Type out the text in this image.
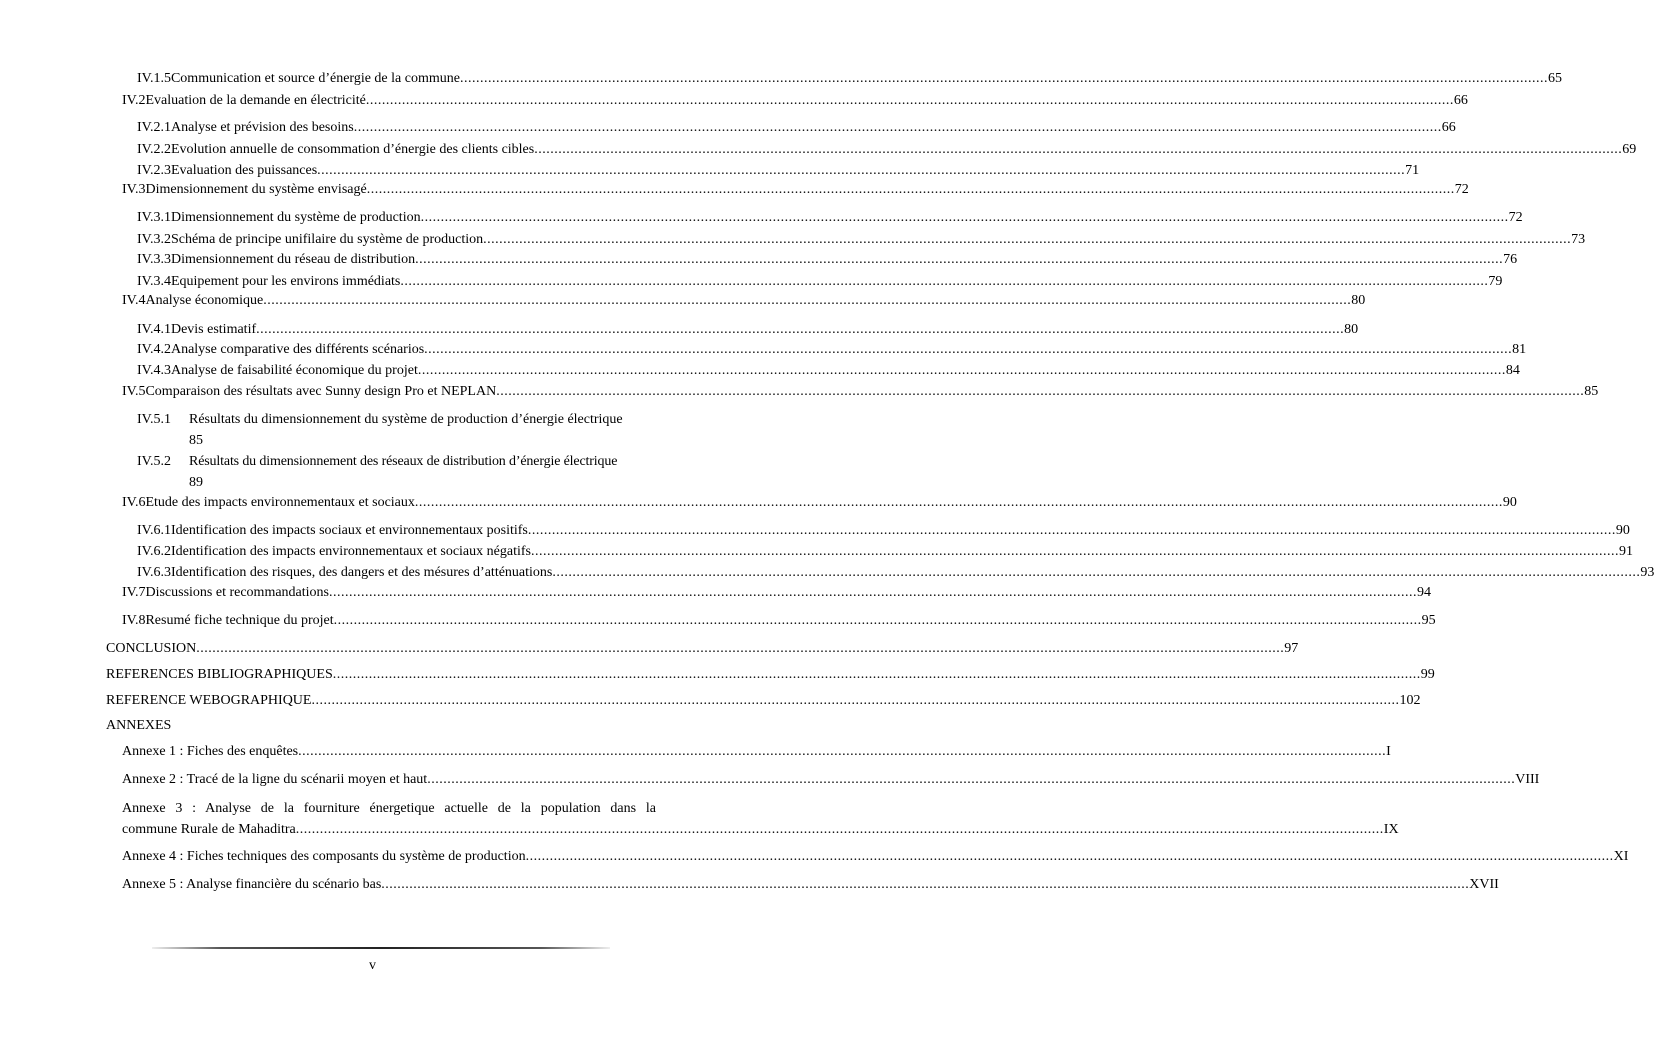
IV.1.5 Communication et source d’énergie de la commune .....	65
IV.2 Evaluation de la demande en électricité .....	66
IV.2.1 Analyse et prévision des besoins .....	66
IV.2.2 Evolution annuelle de consommation d’énergie des clients cibles .....	69
IV.2.3 Evaluation des puissances .....	71
IV.3 Dimensionnement du système envisagé .....	72
IV.3.1 Dimensionnement du système de production .....	72
IV.3.2 Schéma de principe unifilaire du système de production .....	73
IV.3.3 Dimensionnement du réseau de distribution .....	76
IV.3.4 Equipement pour les environs immédiats .....	79
IV.4 Analyse économique .....	80
IV.4.1 Devis estimatif .....	80
IV.4.2 Analyse comparative des différents scénarios .....	81
IV.4.3 Analyse de faisabilité économique du projet .....	84
IV.5 Comparaison des résultats avec Sunny design Pro et NEPLAN .....	85
IV.5.1	Résultats du dimensionnement du système de production d’énergie électrique
85
IV.5.2	Résultats du dimensionnement des réseaux de distribution d’énergie électrique
89
IV.6 Etude des impacts environnementaux et sociaux .....	90
IV.6.1 Identification des impacts sociaux et environnementaux positifs .....	90
IV.6.2 Identification des impacts environnementaux et sociaux négatifs .....	91
IV.6.3 Identification des risques, des dangers et des mésures d’atténuations .....	93
IV.7 Discussions et recommandations .....	94
IV.8 Resumé fiche technique du projet .....	95
CONCLUSION .....	97
REFERENCES BIBLIOGRAPHIQUES .....	99
REFERENCE WEBOGRAPHIQUE .....	102
ANNEXES
Annexe 1 : Fiches des enquêtes .....	I
Annexe 2 : Tracé de la ligne du scénarii moyen et haut .....	VIII
Annexe 3 : Analyse de la fourniture énergetique actuelle de la population dans la
commune Rurale de Mahaditra .....	IX
Annexe 4 : Fiches techniques des composants du système de production .....	XI
Annexe 5 : Analyse financière du scénario bas .....	XVII
v
